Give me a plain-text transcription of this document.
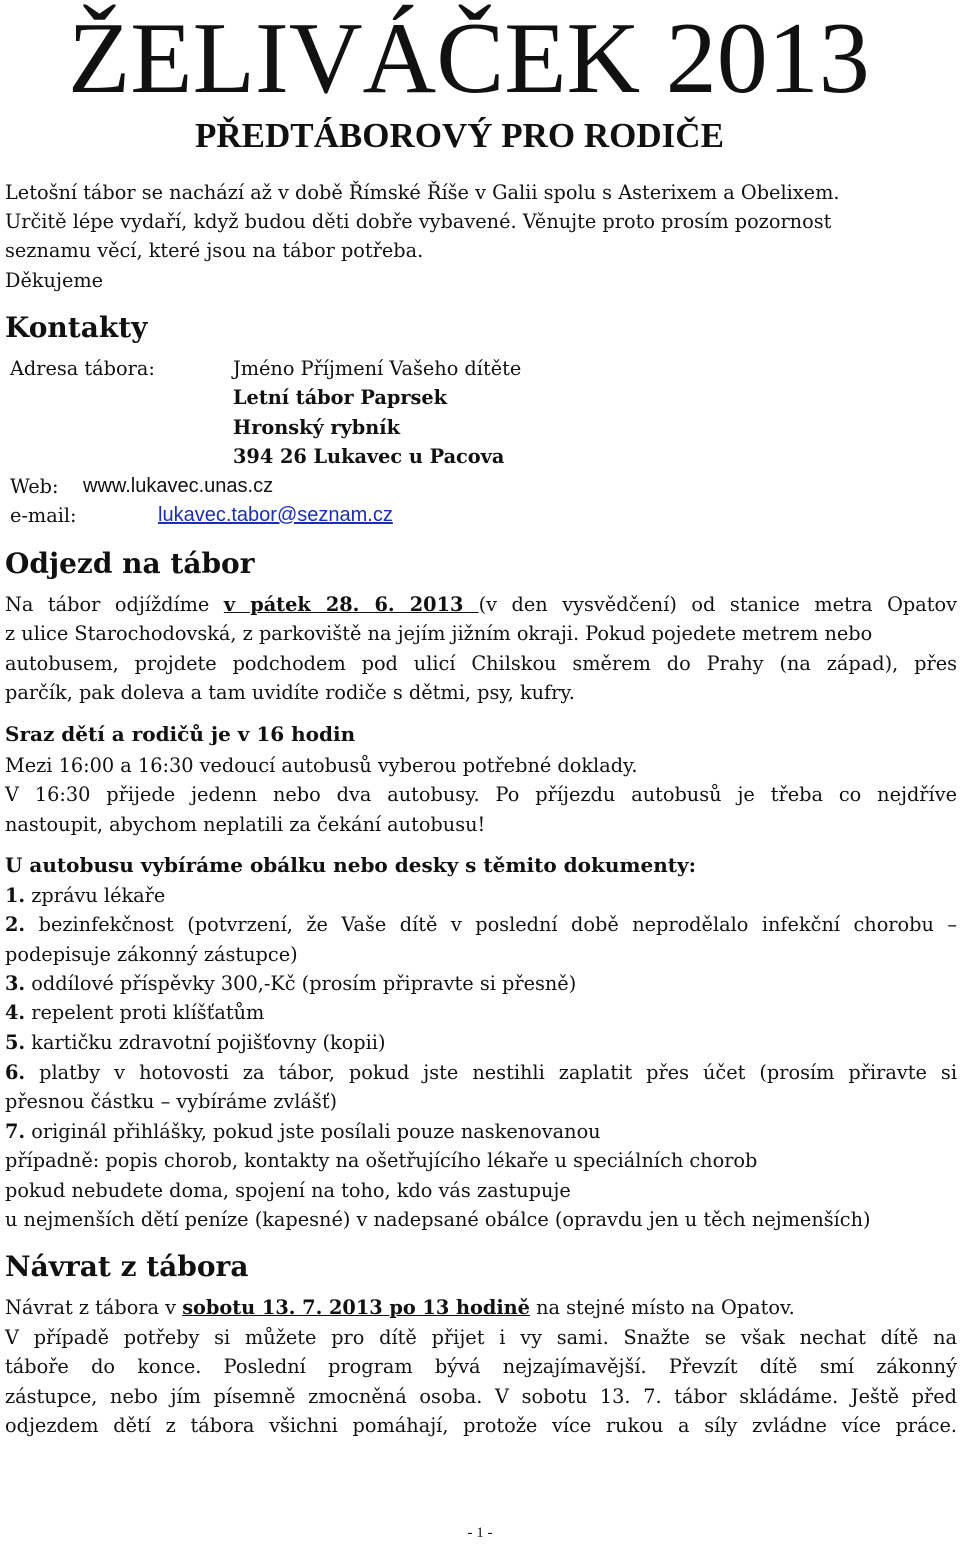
ŽELIVÁČEK 2013
PŘEDTÁBOROVÝ PRO RODIČE
Letošní tábor se nachází až v době Římské Říše v Galii spolu s Asterixem a Obelixem.
Určitě lépe vydaří, když budou děti dobře vybavené. Věnujte proto prosím pozornost
seznamu věcí, které jsou na tábor potřeba.
Děkujeme
Kontakty
Adresa tábora:	Jméno Příjmení Vašeho dítěte
Letní tábor Paprsek
Hronský rybník
394 26 Lukavec u Pacova
Web: www.lukavec.unas.cz
e-mail:	lukavec.tabor@seznam.cz
Odjezd na tábor
Na tábor odjíždíme v pátek 28. 6. 2013 (v den vysvědčení) od stanice metra Opatov
z ulice Starochodovská, z parkoviště na jejím jižním okraji. Pokud pojedete metrem nebo
autobusem, projdete podchodem pod ulicí Chilskou směrem do Prahy (na západ), přes
parčík, pak doleva a tam uvidíte rodiče s dětmi, psy, kufry.
Sraz dětí a rodičů je v 16 hodin
Mezi 16:00 a 16:30 vedoucí autobusů vyberou potřebné doklady.
V 16:30 přijede jedenn nebo dva autobusy. Po příjezdu autobusů je třeba co nejdříve
nastoupit, abychom neplatili za čekání autobusu!
U autobusu vybíráme obálku nebo desky s těmito dokumenty:
1. zprávu lékaře
2. bezinfekčnost (potvrzení, že Vaše dítě v poslední době neprodělalo infekční chorobu –
podepisuje zákonný zástupce)
3. oddílové příspěvky 300,-Kč (prosím připravte si přesně)
4. repelent proti klíšťatům
5. kartičku zdravotní pojišťovny (kopii)
6. platby v hotovosti za tábor, pokud jste nestihli zaplatit přes účet (prosím přiravte si
přesnou částku – vybíráme zvlášť)
7. originál přihlášky, pokud jste posílali pouze naskenovanou
případně: popis chorob, kontakty na ošetřujícího lékaře u speciálních chorob
pokud nebudete doma, spojení na toho, kdo vás zastupuje
u nejmenších dětí peníze (kapesné) v nadepsané obálce (opravdu jen u těch nejmenších)
Návrat z tábora
Návrat z tábora v sobotu 13. 7. 2013 po 13 hodině na stejné místo na Opatov.
V případě potřeby si můžete pro dítě přijet i vy sami. Snažte se však nechat dítě na
táboře do konce. Poslední program bývá nejzajímavější. Převzít dítě smí zákonný
zástupce, nebo jím písemně zmocněná osoba. V sobotu 13. 7. tábor skládáme. Ještě před
odjezdem dětí z tábora všichni pomáhají, protože více rukou a síly zvládne více práce.
- 1 -
